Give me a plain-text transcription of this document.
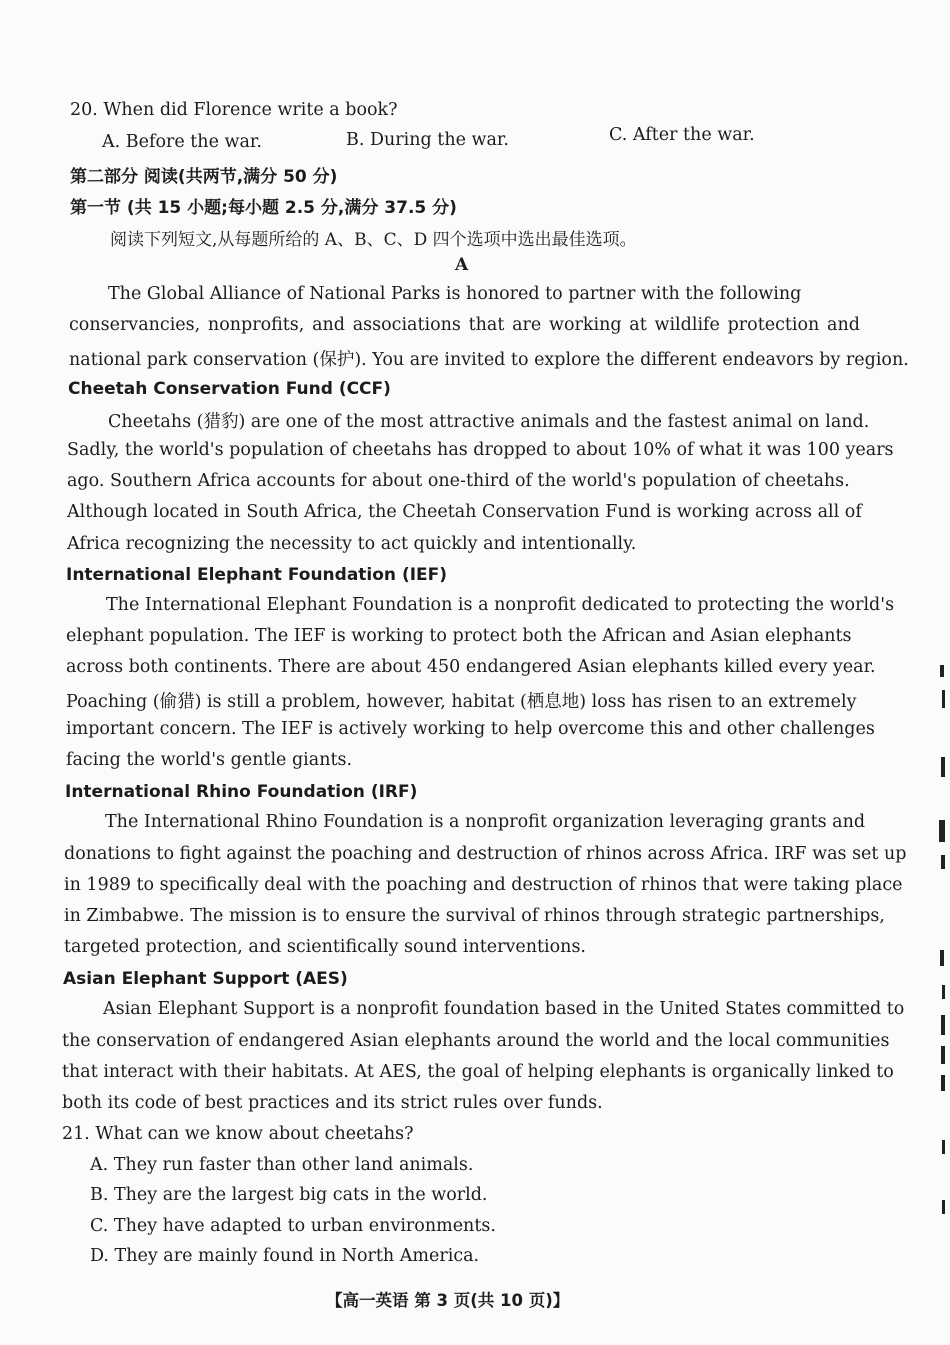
20. When did Florence write a book?
A. Before the war.	B. During the war.	C. After the war.
第二部分 阅读(共两节,满分 50 分)
第一节 (共 15 小题;每小题 2.5 分,满分 37.5 分)
阅读下列短文,从每题所给的 A、B、C、D 四个选项中选出最佳选项。
A
The Global Alliance of National Parks is honored to partner with the following
conservancies, nonprofits, and associations that are working at wildlife protection and
national park conservation (保护). You are invited to explore the different endeavors by region.
Cheetah Conservation Fund (CCF)
Cheetahs (猎豹) are one of the most attractive animals and the fastest animal on land.
Sadly, the world's population of cheetahs has dropped to about 10% of what it was 100 years
ago. Southern Africa accounts for about one-third of the world's population of cheetahs.
Although located in South Africa, the Cheetah Conservation Fund is working across all of
Africa recognizing the necessity to act quickly and intentionally.
International Elephant Foundation (IEF)
The International Elephant Foundation is a nonprofit dedicated to protecting the world's
elephant population. The IEF is working to protect both the African and Asian elephants
across both continents. There are about 450 endangered Asian elephants killed every year.
Poaching (偷猎) is still a problem, however, habitat (栖息地) loss has risen to an extremely
important concern. The IEF is actively working to help overcome this and other challenges
facing the world's gentle giants.
International Rhino Foundation (IRF)
The International Rhino Foundation is a nonprofit organization leveraging grants and
donations to fight against the poaching and destruction of rhinos across Africa. IRF was set up
in 1989 to specifically deal with the poaching and destruction of rhinos that were taking place
in Zimbabwe. The mission is to ensure the survival of rhinos through strategic partnerships,
targeted protection, and scientifically sound interventions.
Asian Elephant Support (AES)
Asian Elephant Support is a nonprofit foundation based in the United States committed to
the conservation of endangered Asian elephants around the world and the local communities
that interact with their habitats. At AES, the goal of helping elephants is organically linked to
both its code of best practices and its strict rules over funds.
21. What can we know about cheetahs?
A. They run faster than other land animals.
B. They are the largest big cats in the world.
C. They have adapted to urban environments.
D. They are mainly found in North America.
【高一英语 第 3 页(共 10 页)】
